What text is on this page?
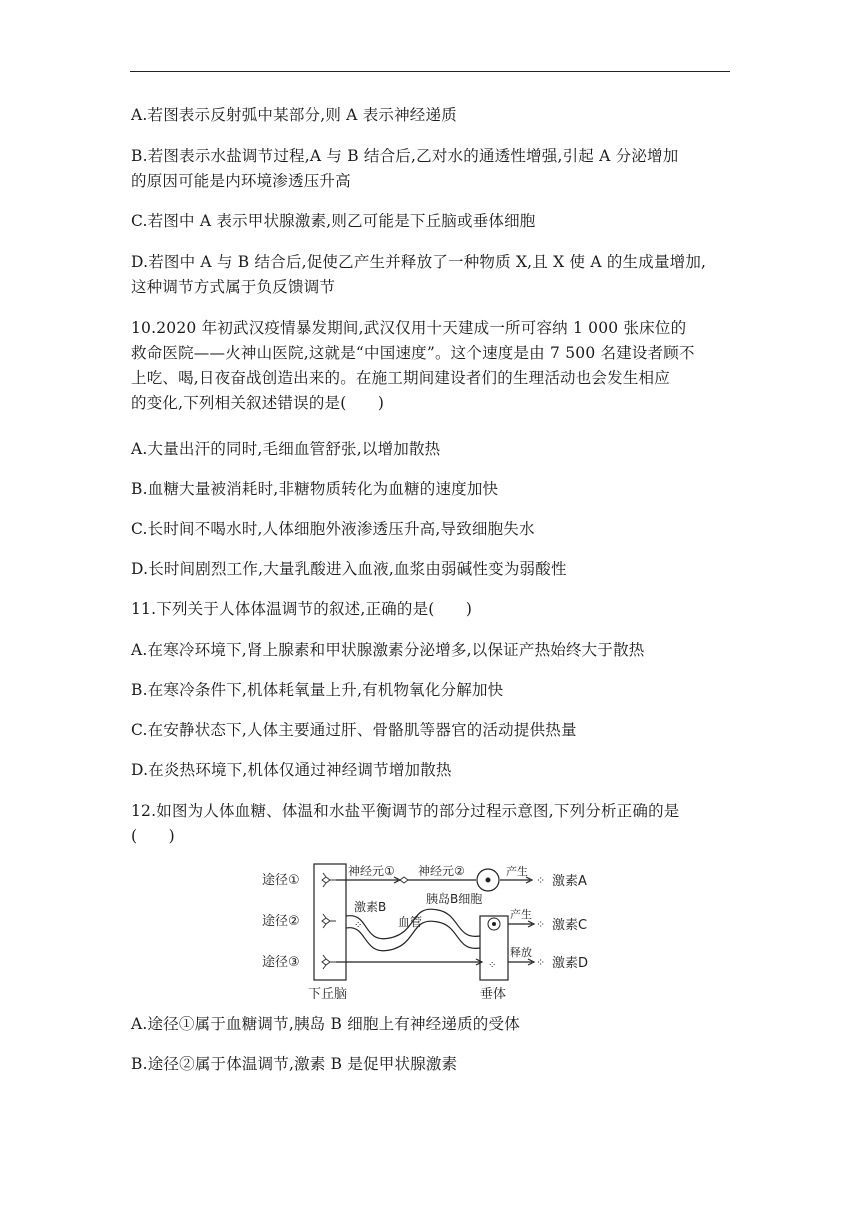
A.若图表示反射弧中某部分,则 A 表示神经递质
B.若图表示水盐调节过程,A 与 B 结合后,乙对水的通透性增强,引起 A 分泌增加
的原因可能是内环境渗透压升高
C.若图中 A 表示甲状腺激素,则乙可能是下丘脑或垂体细胞
D.若图中 A 与 B 结合后,促使乙产生并释放了一种物质 X,且 X 使 A 的生成量增加,
这种调节方式属于负反馈调节
10.2020 年初武汉疫情暴发期间,武汉仅用十天建成一所可容纳 1 000 张床位的
救命医院——火神山医院,这就是“中国速度”。这个速度是由 7 500 名建设者顾不
上吃、喝,日夜奋战创造出来的。在施工期间建设者们的生理活动也会发生相应
的变化,下列相关叙述错误的是(　　)
A.大量出汗的同时,毛细血管舒张,以增加散热
B.血糖大量被消耗时,非糖物质转化为血糖的速度加快
C.长时间不喝水时,人体细胞外液渗透压升高,导致细胞失水
D.长时间剧烈工作,大量乳酸进入血液,血浆由弱碱性变为弱酸性
11.下列关于人体体温调节的叙述,正确的是(　　)
A.在寒冷环境下,肾上腺素和甲状腺激素分泌增多,以保证产热始终大于散热
B.在寒冷条件下,机体耗氧量上升,有机物氧化分解加快
C.在安静状态下,人体主要通过肝、骨骼肌等器官的活动提供热量
D.在炎热环境下,机体仅通过神经调节增加散热
12.如图为人体血糖、体温和水盐平衡调节的部分过程示意图,下列分析正确的是
(　　)
途径①
途径②
途径③
神经元① 神经元②	产生
⁘ 激素A
激素B
胰岛B细胞
血管
⁘
产生
⁘ 激素C
⁘
释放
⁘ 激素D
下丘脑	垂体
A.途径①属于血糖调节,胰岛 B 细胞上有神经递质的受体
B.途径②属于体温调节,激素 B 是促甲状腺激素
